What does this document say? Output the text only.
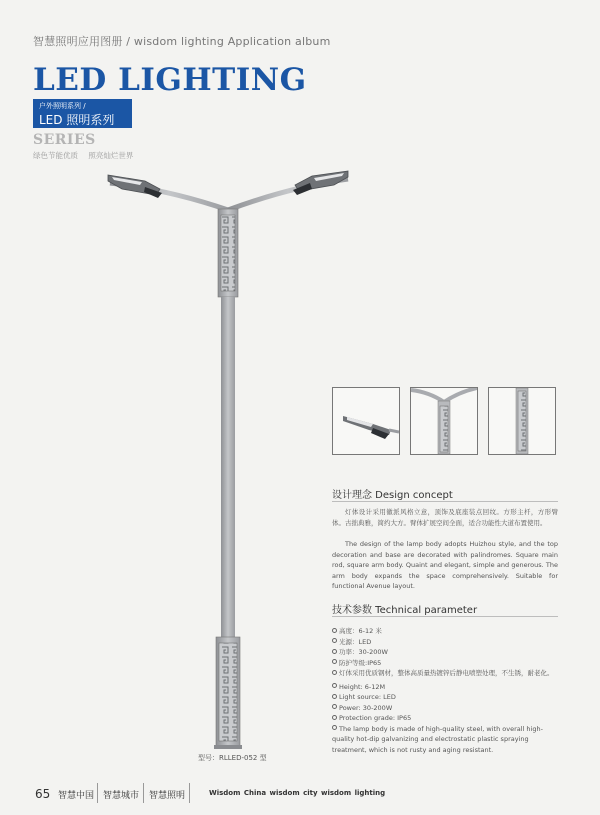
智慧照明应用图册 / wisdom lighting Application album
LED LIGHTING
户外照明系列 /
LED 照明系列
SERIES
绿色节能优质 照亮灿烂世界
型号：RLLED-052 型
设计理念 Design concept
灯体设计采用徽派风格立意，顶饰及底座装点回纹。方形主杆，方形臂体。古拙典雅，简约大方。臂体扩展空间全面，适合功能性大道布置使用。
The design of the lamp body adopts Huizhou style, and the top decoration and base are decorated with palindromes. Square main rod, square arm body. Quaint and elegant, simple and generous. The arm body expands the space comprehensively. Suitable for functional Avenue layout.
技术参数 Technical parameter
高度：6-12 米
光源：LED
功率：30-200W
防护等级:IP65
灯体采用优质钢材，整体高质量热镀锌后静电喷塑处理，不生锈，耐老化。
Height: 6-12M
Light source: LED
Power: 30-200W
Protection grade: IP65
The lamp body is made of high-quality steel, with overall high-quality hot-dip galvanizing and electrostatic plastic spraying treatment, which is not rusty and aging resistant.
65 智慧中国 智慧城市 智慧照明	Wisdom China wisdom city wisdom lighting
